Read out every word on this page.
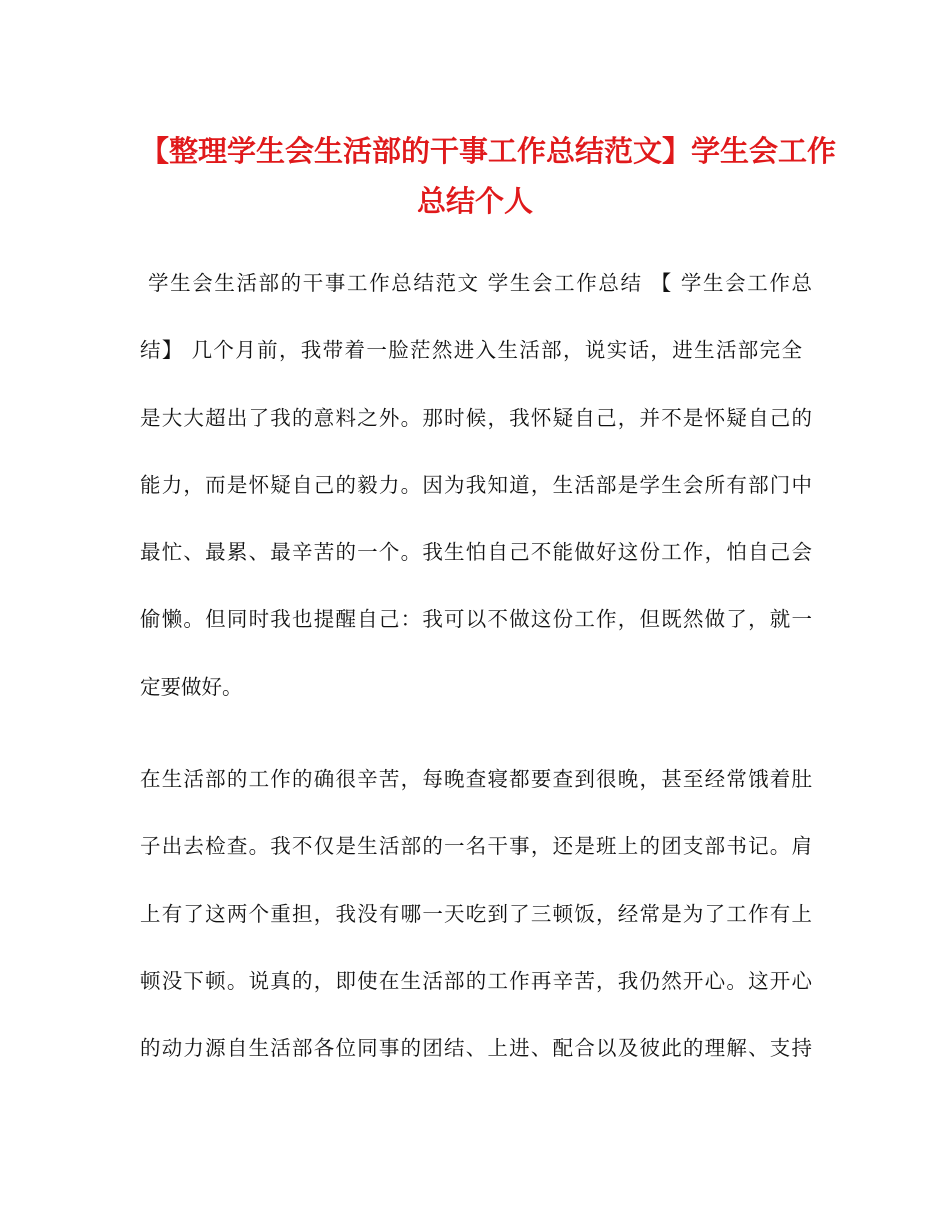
【整理学生会生活部的干事工作总结范文】学生会工作
总结个人
学生会生活部的干事工作总结范文 学生会工作总结 【 学生会工作总
结】 几个月前，我带着一脸茫然进入生活部，说实话，进生活部完全
是大大超出了我的意料之外。那时候，我怀疑自己，并不是怀疑自己的
能力，而是怀疑自己的毅力。因为我知道，生活部是学生会所有部门中
最忙、最累、最辛苦的一个。我生怕自己不能做好这份工作，怕自己会
偷懒。但同时我也提醒自己：我可以不做这份工作，但既然做了，就一
定要做好。
在生活部的工作的确很辛苦，每晚查寝都要查到很晚，甚至经常饿着肚
子出去检查。我不仅是生活部的一名干事，还是班上的团支部书记。肩
上有了这两个重担，我没有哪一天吃到了三顿饭，经常是为了工作有上
顿没下顿。说真的，即使在生活部的工作再辛苦，我仍然开心。这开心
的动力源自生活部各位同事的团结、上进、配合以及彼此的理解、支持
